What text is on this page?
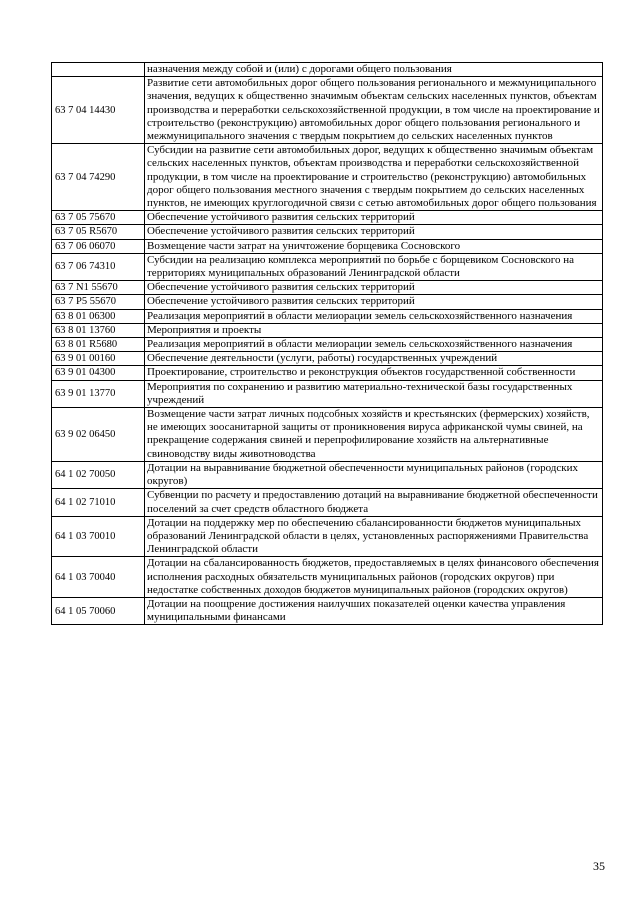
	назначения между собой и (или) с дорогами общего пользования
63 7 04 14430	Развитие сети автомобильных дорог общего пользования регионального и межмуниципального значения, ведущих к общественно значимым объектам сельских населенных пунктов, объектам производства и переработки сельскохозяйственной продукции, в том числе на проектирование и строительство (реконструкцию) автомобильных дорог общего пользования регионального и межмуниципального значения с твердым покрытием до сельских населенных пунктов
63 7 04 74290	Субсидии на развитие сети автомобильных дорог, ведущих к общественно значимым объектам сельских населенных пунктов, объектам производства и переработки сельскохозяйственной продукции, в том числе на проектирование и строительство (реконструкцию) автомобильных дорог общего пользования местного значения с твердым покрытием до сельских населенных пунктов, не имеющих круглогодичной связи с сетью автомобильных дорог общего пользования
63 7 05 75670	Обеспечение устойчивого развития сельских территорий
63 7 05 R5670	Обеспечение устойчивого развития сельских территорий
63 7 06 06070	Возмещение части затрат на уничтожение борщевика Сосновского
63 7 06 74310	Субсидии на реализацию комплекса мероприятий по борьбе с борщевиком Сосновского на территориях муниципальных образований Ленинградской области
63 7 N1 55670	Обеспечение устойчивого развития сельских территорий
63 7 P5 55670	Обеспечение устойчивого развития сельских территорий
63 8 01 06300	Реализация мероприятий в области мелиорации земель сельскохозяйственного назначения
63 8 01 13760	Мероприятия и проекты
63 8 01 R5680	Реализация мероприятий в области мелиорации земель сельскохозяйственного назначения
63 9 01 00160	Обеспечение деятельности (услуги, работы) государственных учреждений
63 9 01 04300	Проектирование, строительство и реконструкция объектов государственной собственности
63 9 01 13770	Мероприятия по сохранению и развитию материально-технической базы государственных учреждений
63 9 02 06450	Возмещение части затрат личных подсобных хозяйств и крестьянских (фермерских) хозяйств, не имеющих зоосанитарной защиты от проникновения вируса африканской чумы свиней, на прекращение содержания свиней и перепрофилирование хозяйств на альтернативные свиноводству виды животноводства
64 1 02 70050	Дотации на выравнивание бюджетной обеспеченности муниципальных районов (городских округов)
64 1 02 71010	Субвенции по расчету и предоставлению дотаций на выравнивание бюджетной обеспеченности поселений за счет средств областного бюджета
64 1 03 70010	Дотации на поддержку мер по обеспечению сбалансированности бюджетов муниципальных образований Ленинградской области в целях, установленных распоряжениями Правительства Ленинградской области
64 1 03 70040	Дотации на сбалансированность бюджетов, предоставляемых в целях финансового обеспечения исполнения расходных обязательств муниципальных районов (городских округов) при недостатке собственных доходов бюджетов муниципальных районов (городских округов)
64 1 05 70060	Дотации на поощрение достижения наилучших показателей оценки качества управления муниципальными финансами
35
